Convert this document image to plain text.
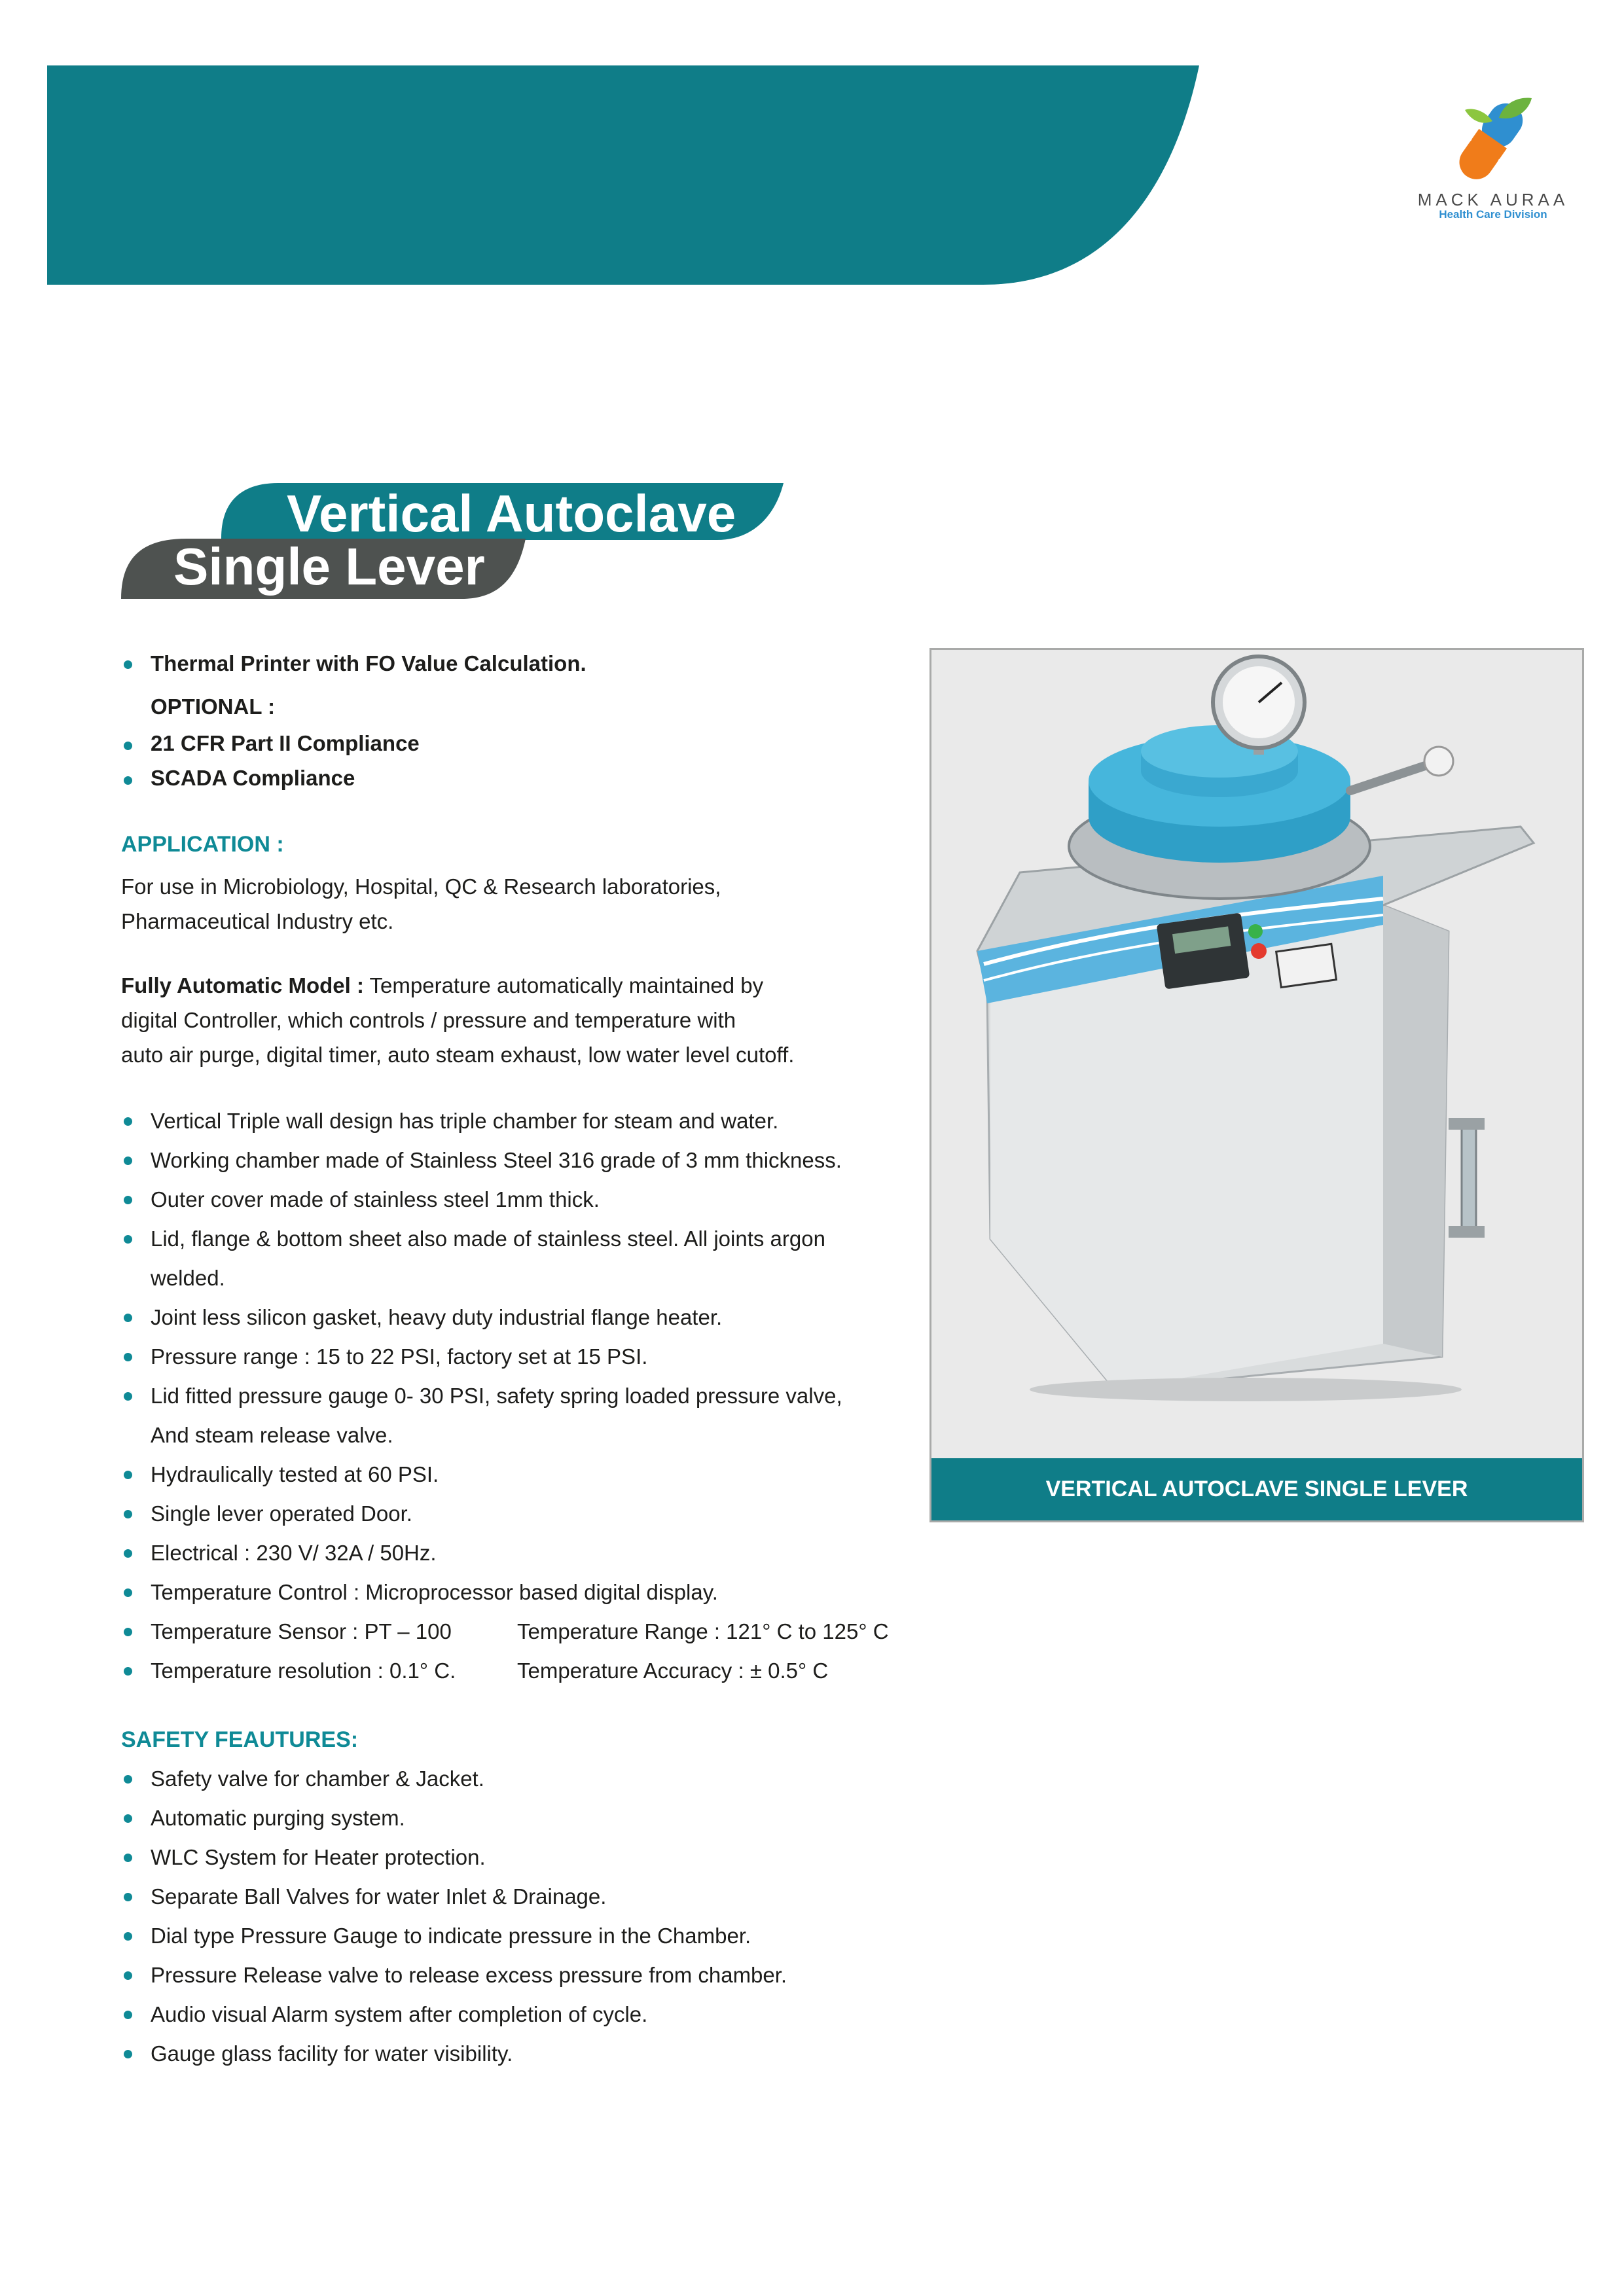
MACK AURAA
Health Care Division
Vertical Autoclave
Single Lever
Thermal Printer with FO Value Calculation.
OPTIONAL :
21 CFR Part II Compliance
SCADA Compliance
APPLICATION :

For use in Microbiology, Hospital, QC & Research laboratories,
Pharmaceutical Industry etc.

Fully Automatic Model : Temperature automatically maintained by
digital Controller, which controls / pressure and temperature with
auto air purge, digital timer, auto steam exhaust, low water level cutoff.

Vertical Triple wall design has triple chamber for steam and water.
Working chamber made of Stainless Steel 316 grade of 3 mm thickness.
Outer cover made of stainless steel 1mm thick.
Lid, flange & bottom sheet also made of stainless steel. All joints argon
welded.
Joint less silicon gasket, heavy duty industrial flange heater.
Pressure range : 15 to 22 PSI, factory set at 15 PSI.
Lid fitted pressure gauge 0- 30 PSI, safety spring loaded pressure valve,
And steam release valve.
Hydraulically tested at 60 PSI.
Single lever operated Door.
Electrical : 230 V/ 32A / 50Hz.
Temperature Control : Microprocessor based digital display.
Temperature Sensor : PT – 100	Temperature Range : 121° C to 125° C
Temperature resolution : 0.1° C.	Temperature Accuracy : ± 0.5° C
SAFETY FEAUTURES:
Safety valve for chamber & Jacket.
Automatic purging system.
WLC System for Heater protection.
Separate Ball Valves for water Inlet & Drainage.
Dial type Pressure Gauge to indicate pressure in the Chamber.
Pressure Release valve to release excess pressure from chamber.
Audio visual Alarm system after completion of cycle.
Gauge glass facility for water visibility.
VERTICAL AUTOCLAVE SINGLE LEVER
